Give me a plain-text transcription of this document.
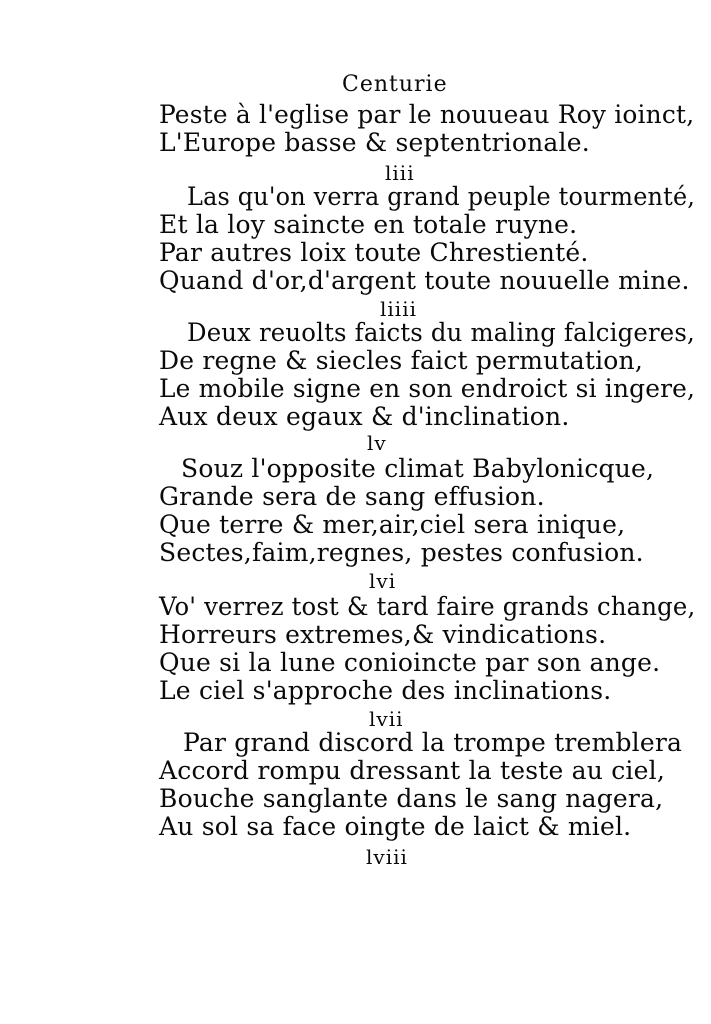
Centurie
Peste à l'eglise par le nouueau Roy ioinct,
L'Europe basse & septentrionale.
liii
Las qu'on verra grand peuple tourmenté,
Et la loy saincte en totale ruyne.
Par autres loix toute Chrestienté.
Quand d'or,d'argent toute nouuelle mine.
liiii
Deux reuolts faicts du maling falcigeres,
De regne & siecles faict permutation,
Le mobile signe en son endroict si ingere,
Aux deux egaux & d'inclination.
lv
Souz l'opposite climat Babylonicque,
Grande sera de sang effusion.
Que terre & mer,air,ciel sera inique,
Sectes,faim,regnes, pestes confusion.
lvi
Vo' verrez tost & tard faire grands change,
Horreurs extremes,& vindications.
Que si la lune conioincte par son ange.
Le ciel s'approche des inclinations.
lvii
Par grand discord la trompe tremblera
Accord rompu dressant la teste au ciel,
Bouche sanglante dans le sang nagera,
Au sol sa face oingte de laict & miel.
lviii
